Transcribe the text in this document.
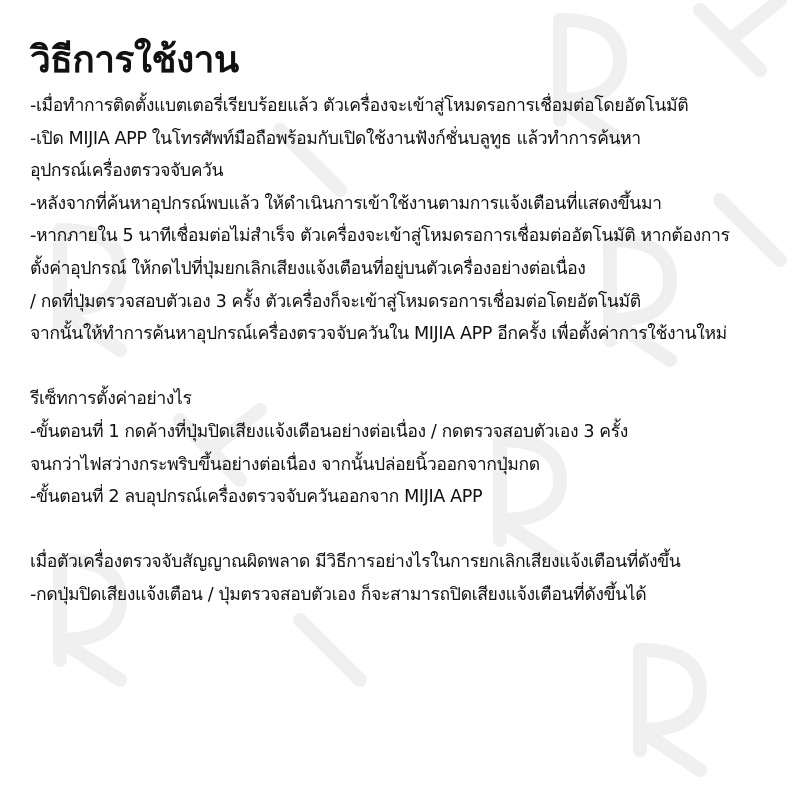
วิธีการใช้งาน
-เมื่อทำการติดตั้งแบตเตอรี่เรียบร้อยแล้ว ตัวเครื่องจะเข้าสู่โหมดรอการเชื่อมต่อโดยอัตโนมัติ
-เปิด MIJIA APP ในโทรศัพท์มือถือพร้อมกับเปิดใช้งานฟังก์ชั่นบลูทูธ แล้วทำการค้นหา
อุปกรณ์เครื่องตรวจจับควัน
-หลังจากที่ค้นหาอุปกรณ์พบแล้ว ให้ดำเนินการเข้าใช้งานตามการแจ้งเตือนที่แสดงขึ้นมา
-หากภายใน 5 นาทีเชื่อมต่อไม่สำเร็จ ตัวเครื่องจะเข้าสู่โหมดรอการเชื่อมต่ออัตโนมัติ หากต้องการ
ตั้งค่าอุปกรณ์ ให้กดไปที่ปุ่มยกเลิกเสียงแจ้งเตือนที่อยู่บนตัวเครื่องอย่างต่อเนื่อง
/ กดที่ปุ่มตรวจสอบตัวเอง 3 ครั้ง ตัวเครื่องก็จะเข้าสู่โหมดรอการเชื่อมต่อโดยอัตโนมัติ
จากนั้นให้ทำการค้นหาอุปกรณ์เครื่องตรวจจับควันใน MIJIA APP อีกครั้ง เพื่อตั้งค่าการใช้งานใหม่
รีเซ็ทการตั้งค่าอย่างไร
-ขั้นตอนที่ 1 กดค้างที่ปุ่มปิดเสียงแจ้งเตือนอย่างต่อเนื่อง / กดตรวจสอบตัวเอง 3 ครั้ง
จนกว่าไฟสว่างกระพริบขึ้นอย่างต่อเนื่อง จากนั้นปล่อยนิ้วออกจากปุ่มกด
-ขั้นตอนที่ 2 ลบอุปกรณ์เครื่องตรวจจับควันออกจาก MIJIA APP
เมื่อตัวเครื่องตรวจจับสัญญาณผิดพลาด มีวิธีการอย่างไรในการยกเลิกเสียงแจ้งเตือนที่ดังขึ้น
-กดปุ่มปิดเสียงแจ้งเตือน / ปุ่มตรวจสอบตัวเอง ก็จะสามารถปิดเสียงแจ้งเตือนที่ดังขึ้นได้
